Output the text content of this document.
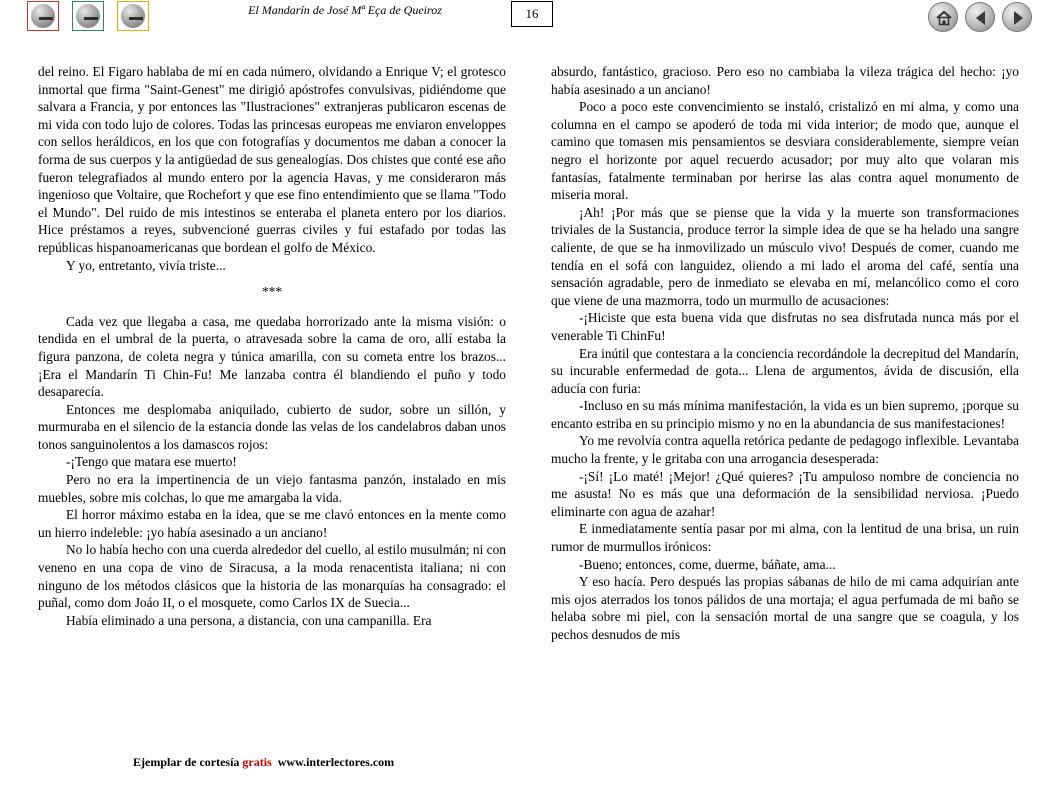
El Mandarín de José Mª Eça de Queiroz	16

del reino. El Figaro hablaba de mí en cada número, olvidando a Enrique V; el grotesco inmortal que firma "Saint-Genest" me dirigió apóstrofes convulsivas, pidiéndome que salvara a Francia, y por entonces las "Ilustraciones" extranjeras publicaron escenas de mi vida con todo lujo de colores. Todas las princesas europeas me enviaron enveloppes con sellos heráldicos, en los que con fotografías y documentos me daban a conocer la forma de sus cuerpos y la antigüedad de sus genealogías. Dos chistes que conté ese año fueron telegrafiados al mundo entero por la agencia Havas, y me consideraron más ingenioso que Voltaire, que Rochefort y que ese fino entendimiento que se llama "Todo el Mundo". Del ruido de mis intestinos se enteraba el planeta entero por los diarios. Hice préstamos a reyes, subvencioné guerras civiles y fui estafado por todas las repúblicas hispanoamericanas que bordean el golfo de México.

Y yo, entretanto, vivía triste...

***

Cada vez que llegaba a casa, me quedaba horrorizado ante la misma visión: o tendida en el umbral de la puerta, o atravesada sobre la cama de oro, allí estaba la figura panzona, de coleta negra y túnica amarilla, con su cometa entre los brazos... ¡Era el Mandarín Ti Chin-Fu! Me lanzaba contra él blandiendo el puño y todo desaparecía.

Entonces me desplomaba aniquilado, cubierto de sudor, sobre un sillón, y murmuraba en el silencio de la estancia donde las velas de los candelabros daban unos tonos sanguinolentos a los damascos rojos:

-¡Tengo que matara ese muerto!

Pero no era la impertinencia de un viejo fantasma panzón, instalado en mis muebles, sobre mis colchas, lo que me amargaba la vida.

El horror máximo estaba en la idea, que se me clavó entonces en la mente como un hierro indeleble: ¡yo había asesinado a un anciano!

No lo había hecho con una cuerda alrededor del cuello, al estilo musulmán; ni con veneno en una copa de vino de Siracusa, a la moda renacentista italiana; ni con ninguno de los métodos clásicos que la historia de las monarquías ha consagrado: el puñal, como dom Joáo II, o el mosquete, como Carlos IX de Suecia...

Había eliminado a una persona, a distancia, con una campanilla. Era

absurdo, fantástico, gracioso. Pero eso no cambiaba la vileza trágica del hecho: ¡yo había asesinado a un anciano!

Poco a poco este convencimiento se instaló, cristalizó en mi alma, y como una columna en el campo se apoderó de toda mi vida interior; de modo que, aunque el camino que tomasen mis pensamientos se desviara considerablemente, siempre veían negro el horizonte por aquel recuerdo acusador; por muy alto que volaran mis fantasías, fatalmente terminaban por herirse las alas contra aquel monumento de miseria moral.

¡Ah! ¡Por más que se piense que la vida y la muerte son transformaciones triviales de la Sustancia, produce terror la simple idea de que se ha helado una sangre caliente, de que se ha inmovilizado un músculo vivo! Después de comer, cuando me tendía en el sofá con languidez, oliendo a mi lado el aroma del café, sentía una sensación agradable, pero de inmediato se elevaba en mí, melancólico como el coro que viene de una mazmorra, todo un murmullo de acusaciones:

-¡Hiciste que esta buena vida que disfrutas no sea disfrutada nunca más por el venerable Ti ChinFu!

Era inútil que contestara a la conciencia recordándole la decrepitud del Mandarín, su incurable enfermedad de gota... Llena de argumentos, ávida de discusión, ella aducía con furia:

-Incluso en su más mínima manifestación, la vida es un bien supremo, ¡porque su encanto estriba en su principio mismo y no en la abundancia de sus manifestaciones!

Yo me revolvía contra aquella retórica pedante de pedagogo inflexible. Levantaba mucho la frente, y le gritaba con una arrogancia desesperada:

-¡Sí! ¡Lo maté! ¡Mejor! ¿Qué quieres? ¡Tu ampuloso nombre de conciencia no me asusta! No es más que una deformación de la sensibilidad nerviosa. ¡Puedo eliminarte con agua de azahar!

E inmediatamente sentía pasar por mi alma, con la lentitud de una brisa, un ruin rumor de murmullos irónicos:

-Bueno; entonces, come, duerme, báñate, ama...

Y eso hacía. Pero después las propias sábanas de hilo de mi cama adquirían ante mis ojos aterrados los tonos pálidos de una mortaja; el agua perfumada de mi baño se helaba sobre mi piel, con la sensación mortal de una sangre que se coagula, y los pechos desnudos de mis

Ejemplar de cortesía gratis  www.interlectores.com
